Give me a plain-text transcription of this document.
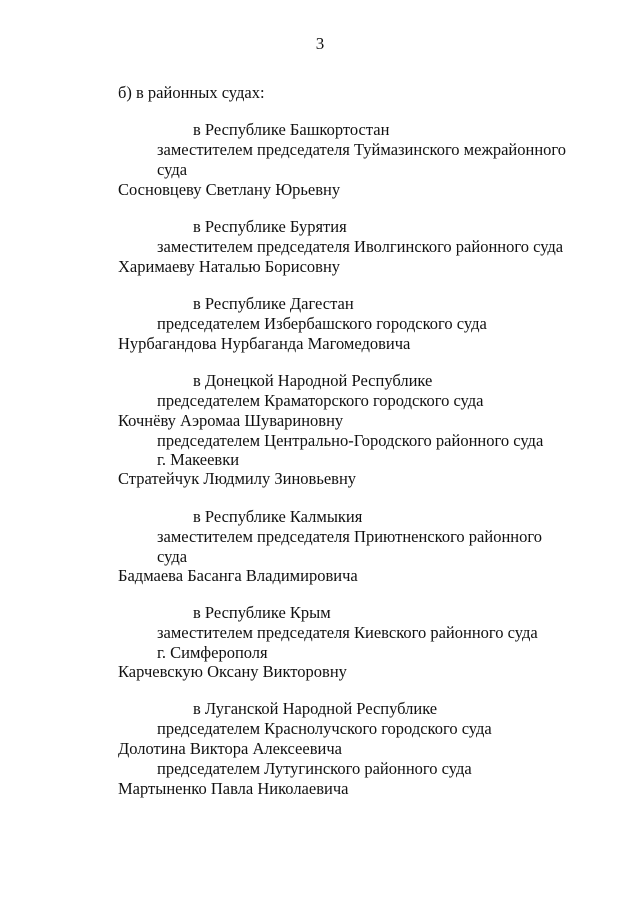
3
б) в районных судах:
в Республике Башкортостан
заместителем председателя Туймазинского межрайонного
суда
Сосновцеву Светлану Юрьевну
в Республике Бурятия
заместителем председателя Иволгинского районного суда
Харимаеву Наталью Борисовну
в Республике Дагестан
председателем Избербашского городского суда
Нурбагандова Нурбаганда Магомедовича
в Донецкой Народной Республике
председателем Краматорского городского суда
Кочнёву Аэромаа Шувариновну
председателем Центрально-Городского районного суда
г. Макеевки
Стратейчук Людмилу Зиновьевну
в Республике Калмыкия
заместителем председателя Приютненского районного
суда
Бадмаева Басанга Владимировича
в Республике Крым
заместителем председателя Киевского районного суда
г. Симферополя
Карчевскую Оксану Викторовну
в Луганской Народной Республике
председателем Краснолучского городского суда
Долотина Виктора Алексеевича
председателем Лутугинского районного суда
Мартыненко Павла Николаевича
